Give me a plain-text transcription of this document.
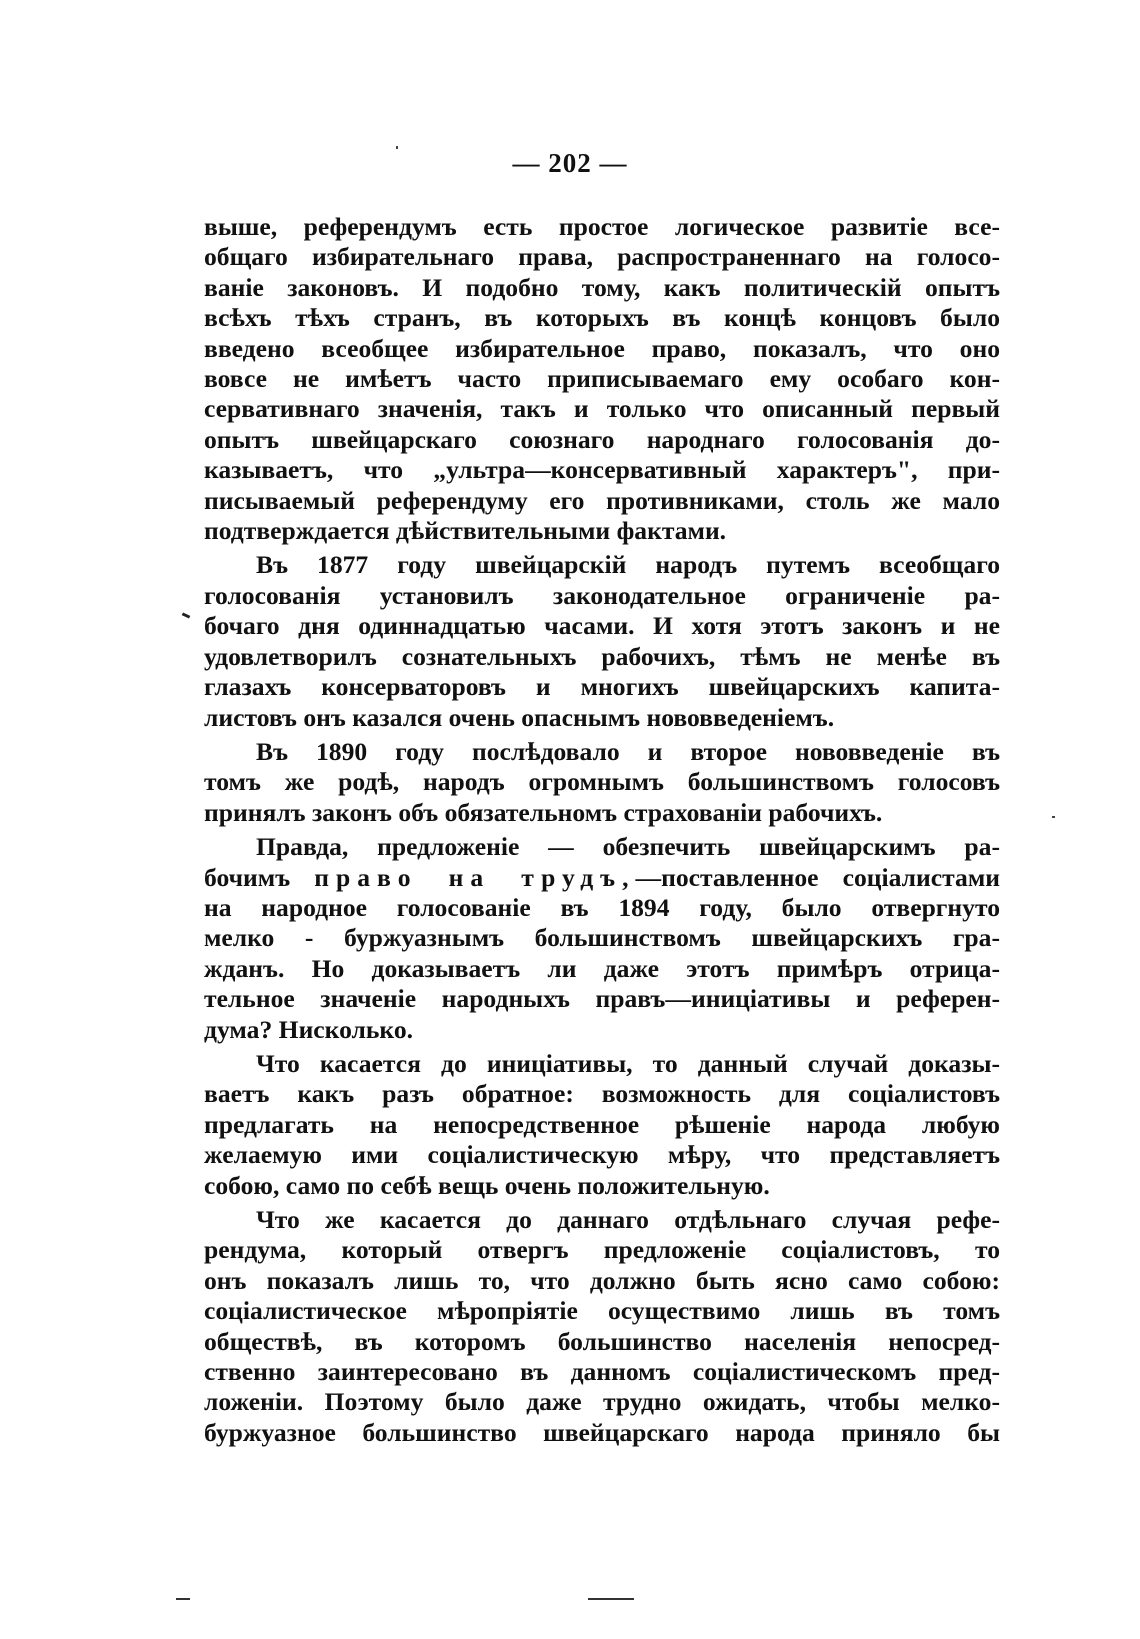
— 202 —

выше, референдумъ есть простое логическое развитіе все-

общаго избирательнаго права, распространеннаго на голосо-

ваніе законовъ. И подобно тому, какъ политическій опытъ

всѣхъ тѣхъ странъ, въ которыхъ въ концѣ концовъ было

введено всеобщее избирательное право, показалъ, что оно

вовсе не имѣетъ часто приписываемаго ему особаго кон-

сервативнаго значенія, такъ и только что описанный первый

опытъ швейцарскаго союзнаго народнаго голосованія до-

казываетъ, что „ультра—консервативный характеръ", при-

писываемый референдуму его противниками, столь же мало

подтверждается дѣйствительными фактами.

Въ 1877 году швейцарскій народъ путемъ всеобщаго

голосованія установилъ законодательное ограниченіе ра-

бочаго дня одиннадцатью часами. И хотя этотъ законъ и не

удовлетворилъ сознательныхъ рабочихъ, тѣмъ не менѣе въ

глазахъ консерваторовъ и многихъ швейцарскихъ капита-

листовъ онъ казался очень опаснымъ нововведеніемъ.

Въ 1890 году послѣдовало и второе нововведеніе въ

томъ же родѣ, народъ огромнымъ большинствомъ голосовъ

принялъ законъ объ обязательномъ страхованіи рабочихъ.

Правда, предложеніе — обезпечить швейцарскимъ ра-

бочимъ право на трудъ,—поставленное соціалистами

на народное голосованіе въ 1894 году, было отвергнуто

мелко - буржуазнымъ большинствомъ швейцарскихъ гра-

жданъ. Но доказываетъ ли даже этотъ примѣръ отрица-

тельное значеніе народныхъ правъ—иниціативы и референ-

дума? Нисколько.

Что касается до иниціативы, то данный случай доказы-

ваетъ какъ разъ обратное: возможность для соціалистовъ

предлагать на непосредственное рѣшеніе народа любую

желаемую ими соціалистическую мѣру, что представляетъ

собою, само по себѣ вещь очень положительную.

Что же касается до даннаго отдѣльнаго случая рефе-

рендума, который отвергъ предложеніе соціалистовъ, то

онъ показалъ лишь то, что должно быть ясно само собою:

соціалистическое мѣропріятіе осуществимо лишь въ томъ

обществѣ, въ которомъ большинство населенія непосред-

ственно заинтересовано въ данномъ соціалистическомъ пред-

ложеніи. Поэтому было даже трудно ожидать, чтобы мелко-

буржуазное большинство швейцарскаго народа приняло бы
